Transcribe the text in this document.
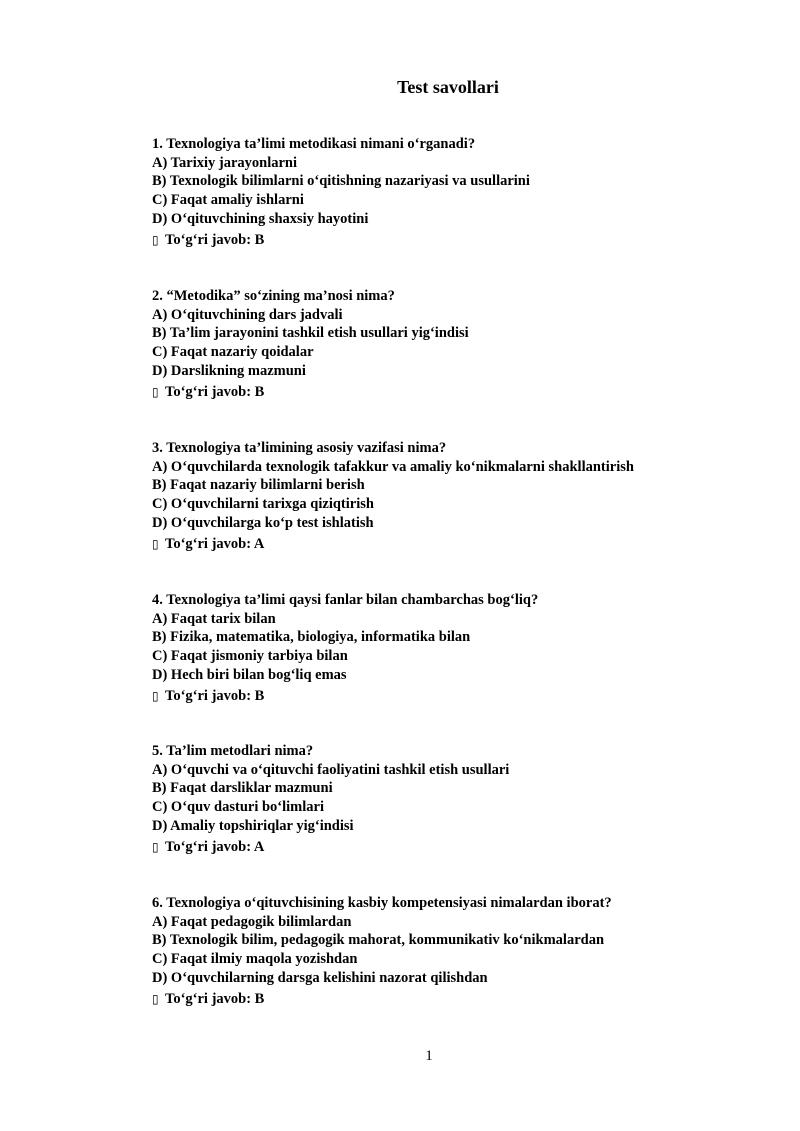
Test savollari
1. Texnologiya ta’limi metodikasi nimani o‘rganadi?
A) Tarixiy jarayonlarni
B) Texnologik bilimlarni o‘qitishning nazariyasi va usullarini
C) Faqat amaliy ishlarni
D) O‘qituvchining shaxsiy hayotini
▯ To‘g‘ri javob: B
2. “Metodika” so‘zining ma’nosi nima?
A) O‘qituvchining dars jadvali
B) Ta’lim jarayonini tashkil etish usullari yig‘indisi
C) Faqat nazariy qoidalar
D) Darslikning mazmuni
▯ To‘g‘ri javob: B
3. Texnologiya ta’limining asosiy vazifasi nima?
A) O‘quvchilarda texnologik tafakkur va amaliy ko‘nikmalarni shakllantirish
B) Faqat nazariy bilimlarni berish
C) O‘quvchilarni tarixga qiziqtirish
D) O‘quvchilarga ko‘p test ishlatish
▯ To‘g‘ri javob: A
4. Texnologiya ta’limi qaysi fanlar bilan chambarchas bog‘liq?
A) Faqat tarix bilan
B) Fizika, matematika, biologiya, informatika bilan
C) Faqat jismoniy tarbiya bilan
D) Hech biri bilan bog‘liq emas
▯ To‘g‘ri javob: B
5. Ta’lim metodlari nima?
A) O‘quvchi va o‘qituvchi faoliyatini tashkil etish usullari
B) Faqat darsliklar mazmuni
C) O‘quv dasturi bo‘limlari
D) Amaliy topshiriqlar yig‘indisi
▯ To‘g‘ri javob: A
6. Texnologiya o‘qituvchisining kasbiy kompetensiyasi nimalardan iborat?
A) Faqat pedagogik bilimlardan
B) Texnologik bilim, pedagogik mahorat, kommunikativ ko‘nikmalardan
C) Faqat ilmiy maqola yozishdan
D) O‘quvchilarning darsga kelishini nazorat qilishdan
▯ To‘g‘ri javob: B
1
